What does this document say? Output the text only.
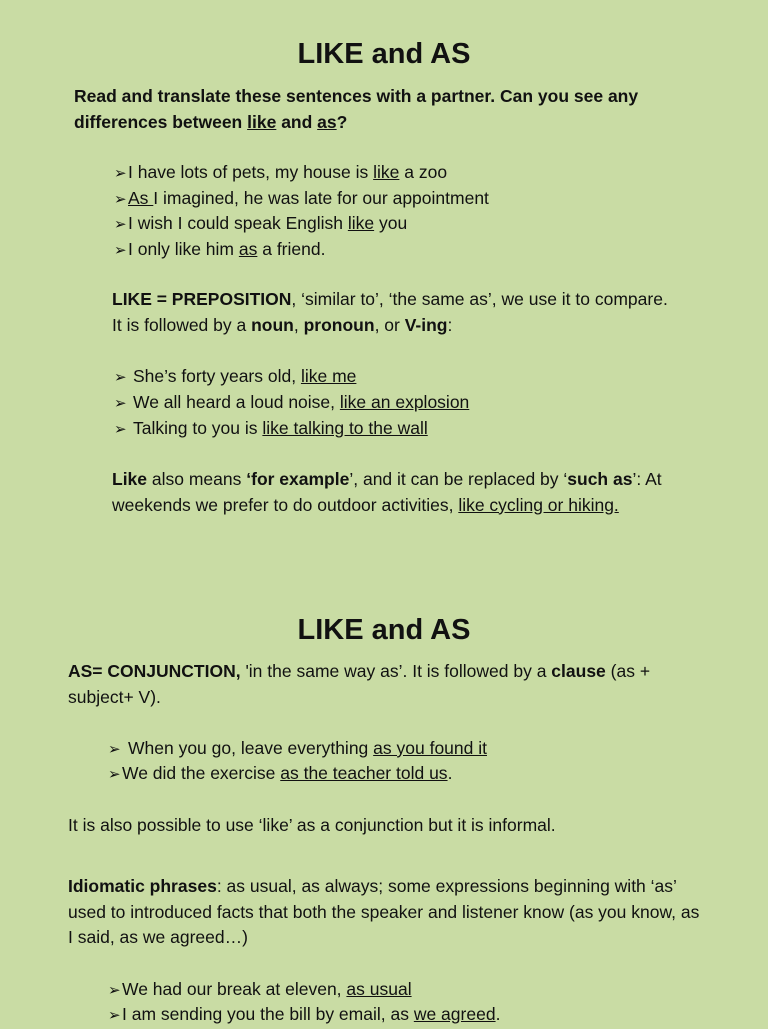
LIKE and AS

Read and translate these sentences with a partner. Can you see any differences between like and as?

➢I have lots of pets, my house is like a zoo
➢As I imagined, he was late for our appointment
➢I wish I could speak English like you
➢I only like him as a friend.

LIKE = PREPOSITION, ‘similar to’, ‘the same as’, we use it to compare. It is followed by a noun, pronoun, or V-ing:

➢ She’s forty years old, like me
➢ We all heard a loud noise, like an explosion
➢ Talking to you is like talking to the wall

Like also means ‘for example’, and it can be replaced by ‘such as’: At weekends we prefer to do outdoor activities, like cycling or hiking.

LIKE and AS

AS= CONJUNCTION, 'in the same way as’. It is followed by a clause (as + subject+ V).

➢ When you go, leave everything as you found it
➢We did the exercise as the teacher told us.

It is also possible to use ‘like’ as a conjunction but it is informal.

Idiomatic phrases: as usual, as always; some expressions beginning with ‘as’ used to introduced facts that both the speaker and listener know (as you know, as I said, as we agreed…)

➢We had our break at eleven, as usual
➢I am sending you the bill by email, as we agreed.
